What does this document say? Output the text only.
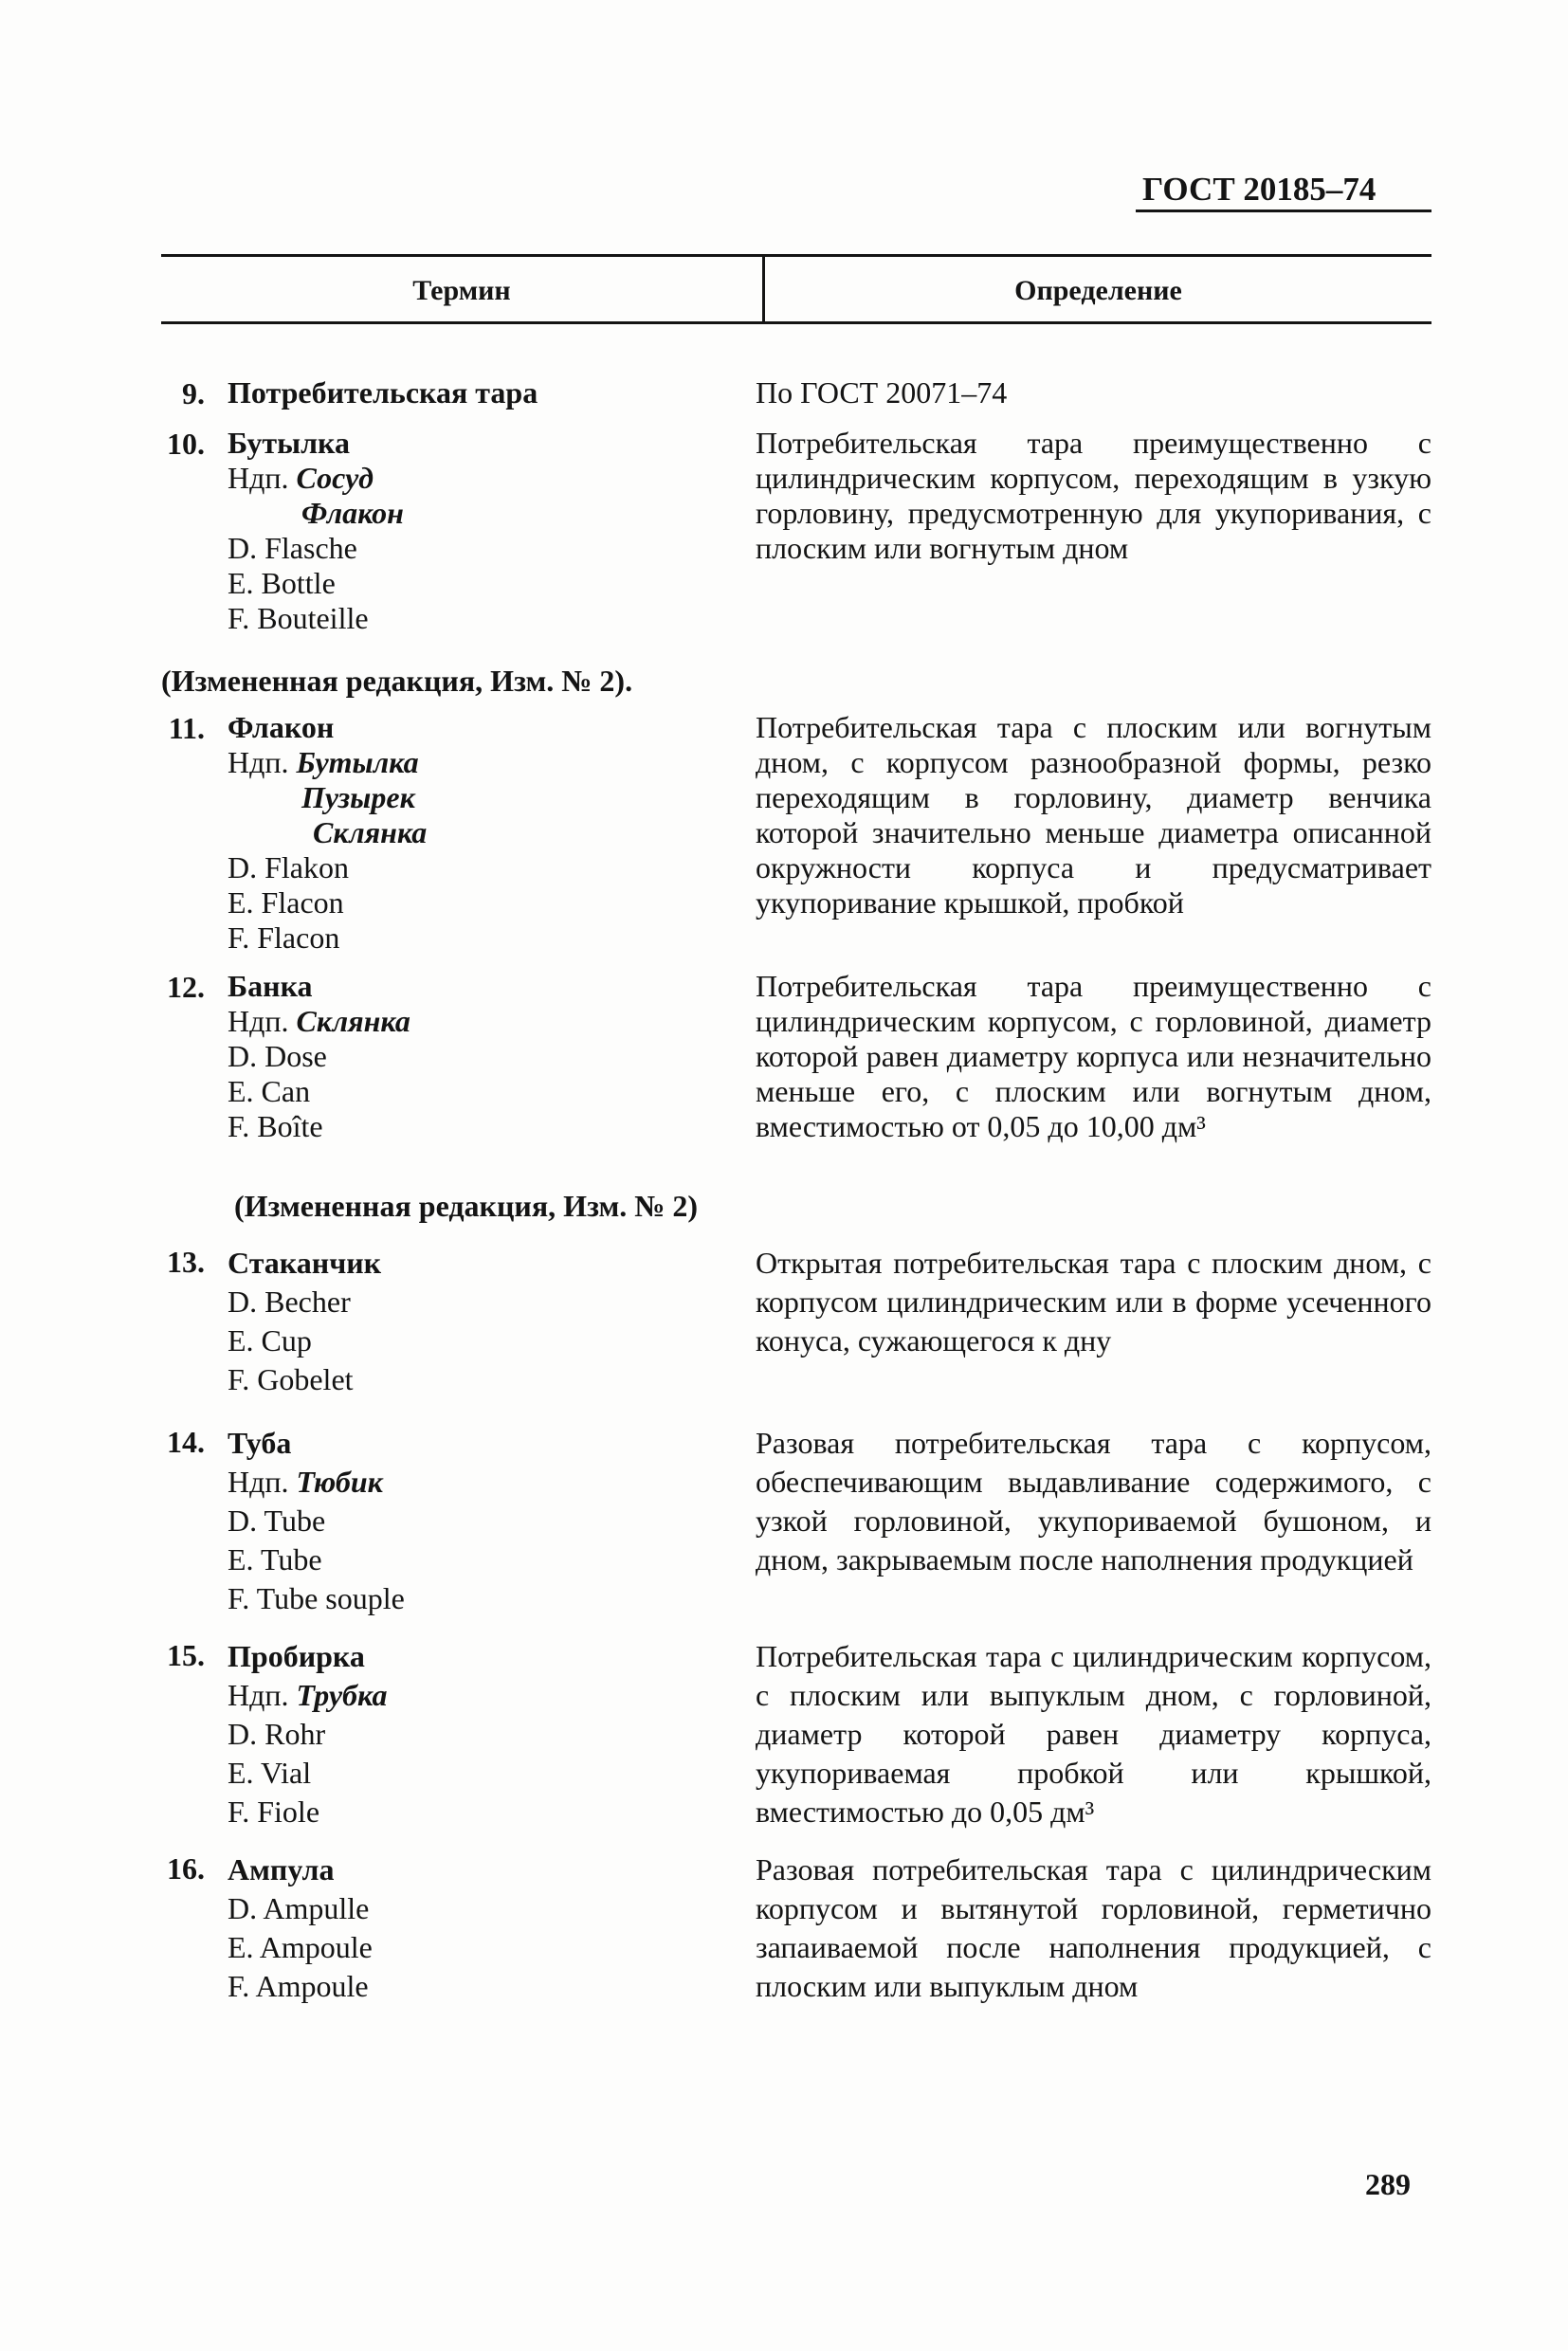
ГОСТ 20185–74
Термин	Определение
9. Потребительская тара	По ГОСТ 20071–74
10. Бутылка
Ндп. Сосуд
Флакон
D. Flasche
E. Bottle
F. Bouteille
Потребительская тара преимущественно с цилиндрическим корпусом, переходящим в узкую горловину, предусмотренную для укупоривания, с плоским или вогнутым дном
(Измененная редакция, Изм. № 2).
11. Флакон
Ндп. Бутылка
Пузырек
Склянка
D. Flakon
E. Flacon
F. Flacon
Потребительская тара с плоским или вогнутым дном, с корпусом разнообразной формы, резко переходящим в горловину, диаметр венчика которой значительно меньше диаметра описанной окружности корпуса и предусматривает укупоривание крышкой, пробкой
12. Банка
Ндп. Склянка
D. Dose
E. Can
F. Boîte
Потребительская тара преимущественно с цилиндрическим корпусом, с горловиной, диаметр которой равен диаметру корпуса или незначительно меньше его, с плоским или вогнутым дном, вместимостью от 0,05 до 10,00 дм³
(Измененная редакция, Изм. № 2)
13. Стаканчик
D. Becher
E. Cup
F. Gobelet
Открытая потребительская тара с плоским дном, с корпусом цилиндрическим или в форме усеченного конуса, сужающегося к дну
14. Туба
Ндп. Тюбик
D. Tube
E. Tube
F. Tube souple
Разовая потребительская тара с корпусом, обеспечивающим выдавливание содержимого, с узкой горловиной, укупориваемой бушоном, и дном, закрываемым после наполнения продукцией
15. Пробирка
Ндп. Трубка
D. Rohr
E. Vial
F. Fiole
Потребительская тара с цилиндрическим корпусом, с плоским или выпуклым дном, с горловиной, диаметр которой равен диаметру корпуса, укупориваемая пробкой или крышкой, вместимостью до 0,05 дм³
16. Ампула
D. Ampulle
E. Ampoule
F. Ampoule
Разовая потребительская тара с цилиндрическим корпусом и вытянутой горловиной, герметично запаиваемой после наполнения продукцией, с плоским или выпуклым дном
289
